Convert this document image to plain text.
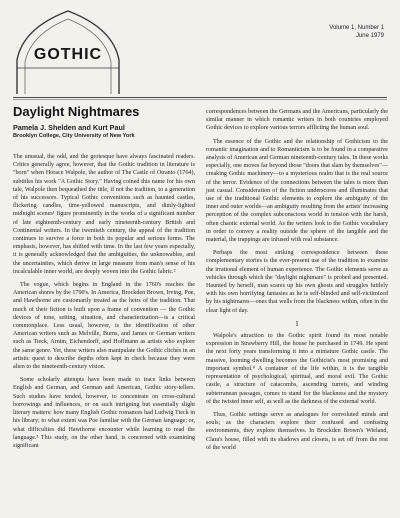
GOTHIC
Volume 1, Number 1
June 1979
Daylight Nightmares
Pamela J. Shelden and Kurt Paul
Brooklyn College, City University of New York

The unusual, the odd, and the grotesque have always fascinated readers. Critics generally agree, however, that the Gothic tradition in literature is "born" when Horace Walpole, the author of The Castle of Otranto (1764), subtitles his work "A Gothic Story." Having coined this name for his own tale, Walpole then bequeathed the title, if not the tradition, to a generation of his successors. Typical Gothic conventions such as haunted castles, flickering candles, time-yellowed manuscripts, and dimly-lighted midnight scenes¹ figure prominently in the works of a significant number of late eighteenth-century and early nineteenth-century British and Continental writers. In the twentieth century, the appeal of the tradition continues to survive a force in both its popular and serious forms. The emphasis, however, has shifted with time. In the last few years especially, it is generally acknowledged that the ambiguities, the unknowables, and the uncertainties, which derive in large measure from man's sense of his incalculable inner world, are deeply woven into the Gothic fabric.²

The vogue, which begins in England in the 1760's reaches the American shores by the 1790's. In America, Brockden Brown, Irving, Poe, and Hawthorne are customarily treated as the heirs of the tradition. That much of their fiction is built upon a frame of convention — the Gothic devices of tone, setting, situation, and characterization—is a critical commonplace. Less usual, however, is the identification of other American writers such as Melville, Burns, and James or German writers such as Tieck, Arnim, Eichendorff, and Hoffmann as artists who explore the same genre. Yet, these writers also manipulate the Gothic clichés in an artistic quest to describe depths often kept in check because they were alien to the nineteenth-century vision.

Some scholarly attempts have been made to trace links between English and German, and German and American, Gothic story-tellers. Such studies have tended, however, to concentrate on cross-cultural borrowings and influences, or on such intriguing but essentially slight literary matters: how many English Gothic romances had Ludwig Tieck in his library; to what extent was Poe familiar with the German language; or, what difficulties did Hawthorne encounter while learning to read the language.³ This study, on the other hand, is concerned with examining significant

correspondences between the Germans and the Americans, particularly the similar manner in which romantic writers in both countries employed Gothic devices to explore various terrors afflicting the human soul.

The essence of the Gothic and the relationship of Gothicism to the romantic imagination and to Romanticism is to be found in a comparative analysis of American and German nineteenth-century tales. In these works especially, one moves far beyond those "doors that slam by themselves"—creaking Gothic machinery—to a mysterious realm that is the real source of the terror. Evidence of the connections between the tales is more than just casual. Consideration of the fiction underscores and illuminates that use of the traditional Gothic elements to explore the ambiguity of the inner and outer worlds—an ambiguity resulting from the artists' increasing perception of the complex subconscious world in tension with the harsh, often chaotic external world. As the writers look to the Gothic vocabulary in order to convey a reality outside the sphere of the tangible and the material, the trappings are infused with real substance.

Perhaps the most striking correspondence between these complementary stories is the ever-present use of the tradition to examine the irrational element of human experience. The Gothic elements serve as vehicles through which the "daylight nightmare" is probed and presented. Haunted by herself, man scares up his own ghosts and struggles futilely with his own horrifying fantasies as he is self-blinded and self-victimized by his nightmares—ones that wells from the blackness within, often in the clear light of day.

I

Walpole's attraction to the Gothic spirit found its most notable expression in Strawberry Hill, the house he purchased in 1749. He spent the next forty years transforming it into a miniature Gothic castle. The massive, looming dwelling becomes the Gothicist's most promising and important symbol.⁴ A container of the life within, it is the tangible representation of psychological, spiritual, and moral evil. The Gothic castle, a structure of catacombs, ascending turrets, and winding subterranean passages, comes to stand for the blackness and the mystery of the twisted inner self, as well as the darkness of the external world.

Thus, Gothic settings serve as analogues for convoluted minds and souls; as the characters explore their confused and confusing environments, they explore themselves. In Brockden Brown's Wieland, Clara's house, filled with its shadows and closets, is set off from the rest of the world
